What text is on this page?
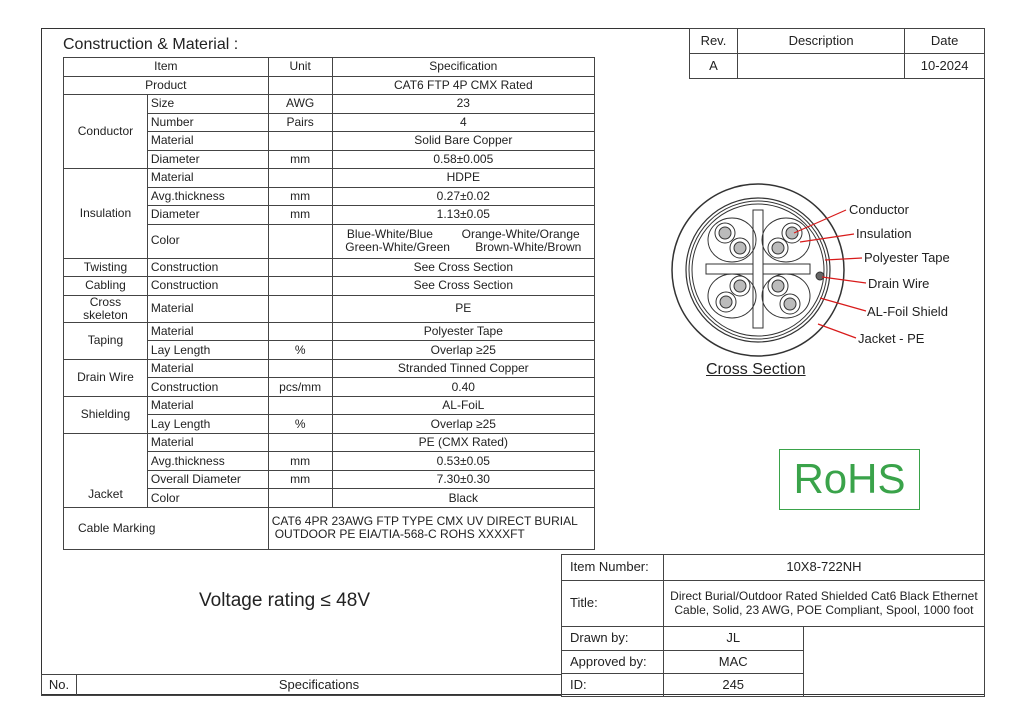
Construction & Material :
Item		Unit	Specification
Product			CAT6 FTP 4P CMX Rated
Conductor	Size	AWG	23
	Number	Pairs	4
	Material		Solid Bare Copper
	Diameter	mm	0.58±0.005
Insulation	Material		HDPE
	Avg.thickness	mm	0.27±0.02
	Diameter	mm	1.13±0.05
	Color		Blue-White/Blue Orange-White/Orange
Green-White/Green Brown-White/Brown

Twisting	Construction		See Cross Section
Cabling	Construction		See Cross Section
Cross skeleton	Material		PE
Taping	Material		Polyester Tape
	Lay Length	%	Overlap ≥25
Drain Wire	Material		Stranded Tinned Copper
	Construction	pcs/mm	0.40
Shielding	Material		AL-FoiL
	Lay Length	%	Overlap ≥25
Jacket	Material		PE (CMX Rated)
	Avg.thickness	mm	0.53±0.05
	Overall Diameter	mm	7.30±0.30
	Color		Black
Cable Marking		CAT6 4PR 23AWG FTP TYPE CMX UV DIRECT BURIAL
OUTDOOR PE EIA/TIA-568-C ROHS XXXXFT	
Rev.	Description	Date
A		10-2024
Conductor
Insulation
Polyester Tape
Drain Wire
AL-Foil Shield
Jacket - PE
Cross Section
RoHS
Voltage rating ≤ 48V
Item Number:	10X8-722NH	
Title:	Direct Burial/Outdoor Rated Shielded Cat6 Black Ethernet
Cable, Solid, 23 AWG, POE Compliant, Spool, 1000 foot	

Drawn by:	JL	
Approved by:	MAC	
ID:	245	
No.	Specifications
